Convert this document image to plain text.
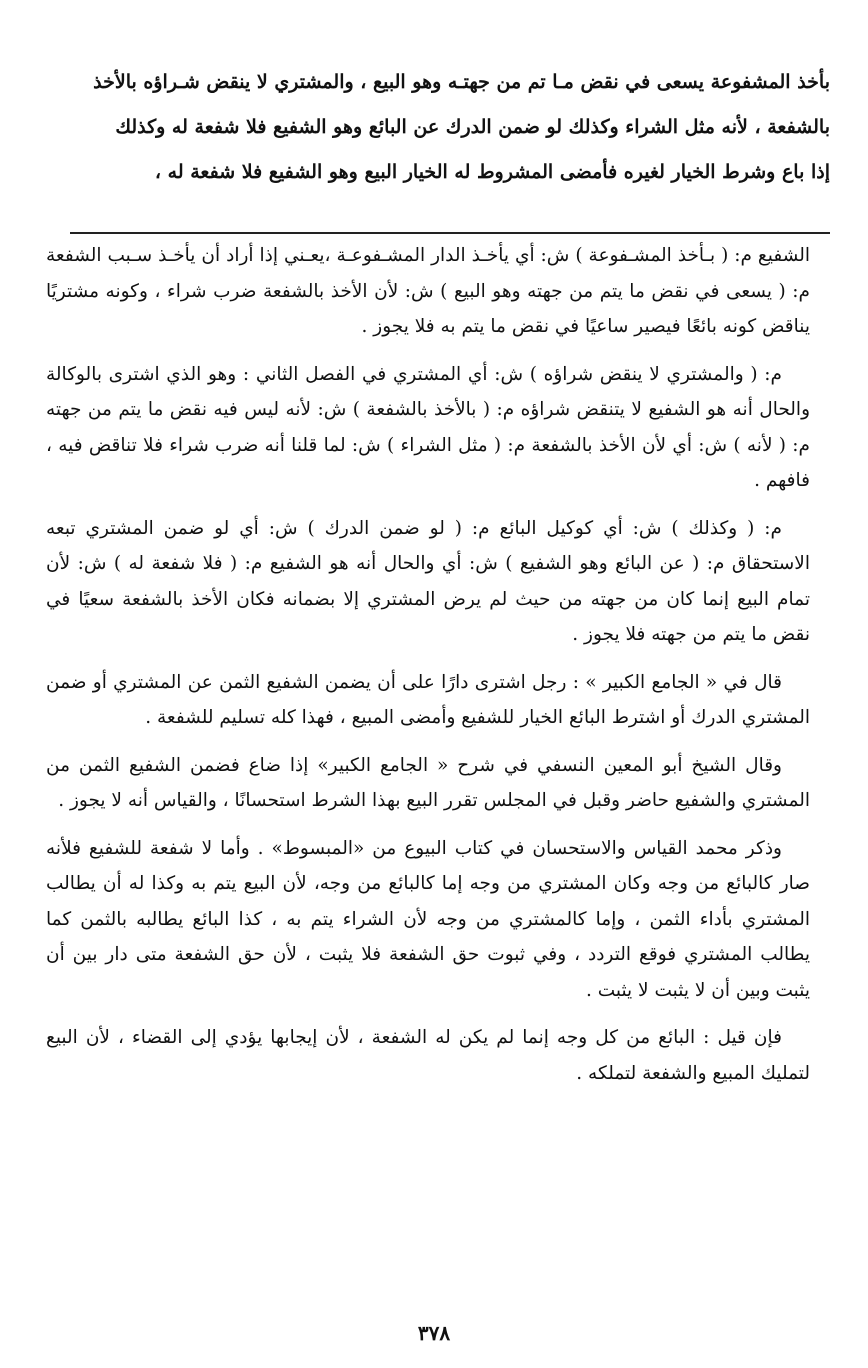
بأخذ المشفوعة يسعى في نقض مـا تم من جهتـه وهو البيع ، والمشتري لا ينقض شـراؤه بالأخذ

بالشفعة ، لأنه مثل الشراء وكذلك لو ضمن الدرك عن البائع وهو الشفيع فلا شفعة له وكذلك

إذا باع وشرط الخيار لغيره فأمضى المشروط له الخيار البيع وهو الشفيع فلا شفعة له ،

الشفيع م: ( بـأخذ المشـفوعة ) ش: أي يأخـذ الدار المشـفوعـة ،يعـني إذا أراد أن يأخـذ سـبب الشفعة م: ( يسعى في نقض ما يتم من جهته وهو البيع ) ش: لأن الأخذ بالشفعة ضرب شراء ، وكونه مشتريًا يناقض كونه بائعًا فيصير ساعيًا في نقض ما يتم به فلا يجوز .

م: ( والمشتري لا ينقض شراؤه ) ش: أي المشتري في الفصل الثاني : وهو الذي اشترى بالوكالة والحال أنه هو الشفيع لا يتنقض شراؤه م: ( بالأخذ بالشفعة ) ش: لأنه ليس فيه نقض ما يتم من جهته م: ( لأنه ) ش: أي لأن الأخذ بالشفعة م: ( مثل الشراء ) ش: لما قلنا أنه ضرب شراء فلا تناقض فيه ، فافهم .

م: ( وكذلك ) ش: أي كوكيل البائع م: ( لو ضمن الدرك ) ش: أي لو ضمن المشتري تبعه الاستحقاق م: ( عن البائع وهو الشفيع ) ش: أي والحال أنه هو الشفيع م: ( فلا شفعة له ) ش: لأن تمام البيع إنما كان من جهته من حيث لم يرض المشتري إلا بضمانه فكان الأخذ بالشفعة سعيًا في نقض ما يتم من جهته فلا يجوز .

قال في « الجامع الكبير » : رجل اشترى دارًا على أن يضمن الشفيع الثمن عن المشتري أو ضمن المشتري الدرك أو اشترط البائع الخيار للشفيع وأمضى المبيع ، فهذا كله تسليم للشفعة .

وقال الشيخ أبو المعين النسفي في شرح « الجامع الكبير» إذا ضاع فضمن الشفيع الثمن من المشتري والشفيع حاضر وقبل في المجلس تقرر البيع بهذا الشرط استحسانًا ، والقياس أنه لا يجوز .

وذكر محمد القياس والاستحسان في كتاب البيوع من «المبسوط» . وأما لا شفعة للشفيع فلأنه صار كالبائع من وجه وكان المشتري من وجه إما كالبائع من وجه، لأن البيع يتم به وكذا له أن يطالب المشتري بأداء الثمن ، وإما كالمشتري من وجه لأن الشراء يتم به ، كذا البائع يطالبه بالثمن كما يطالب المشتري فوقع التردد ، وفي ثبوت حق الشفعة فلا يثبت ، لأن حق الشفعة متى دار بين أن يثبت وبين أن لا يثبت لا يثبت .

فإن قيل : البائع من كل وجه إنما لم يكن له الشفعة ، لأن إيجابها يؤدي إلى القضاء ، لأن البيع لتمليك المبيع والشفعة لتملكه .

٣٧٨
